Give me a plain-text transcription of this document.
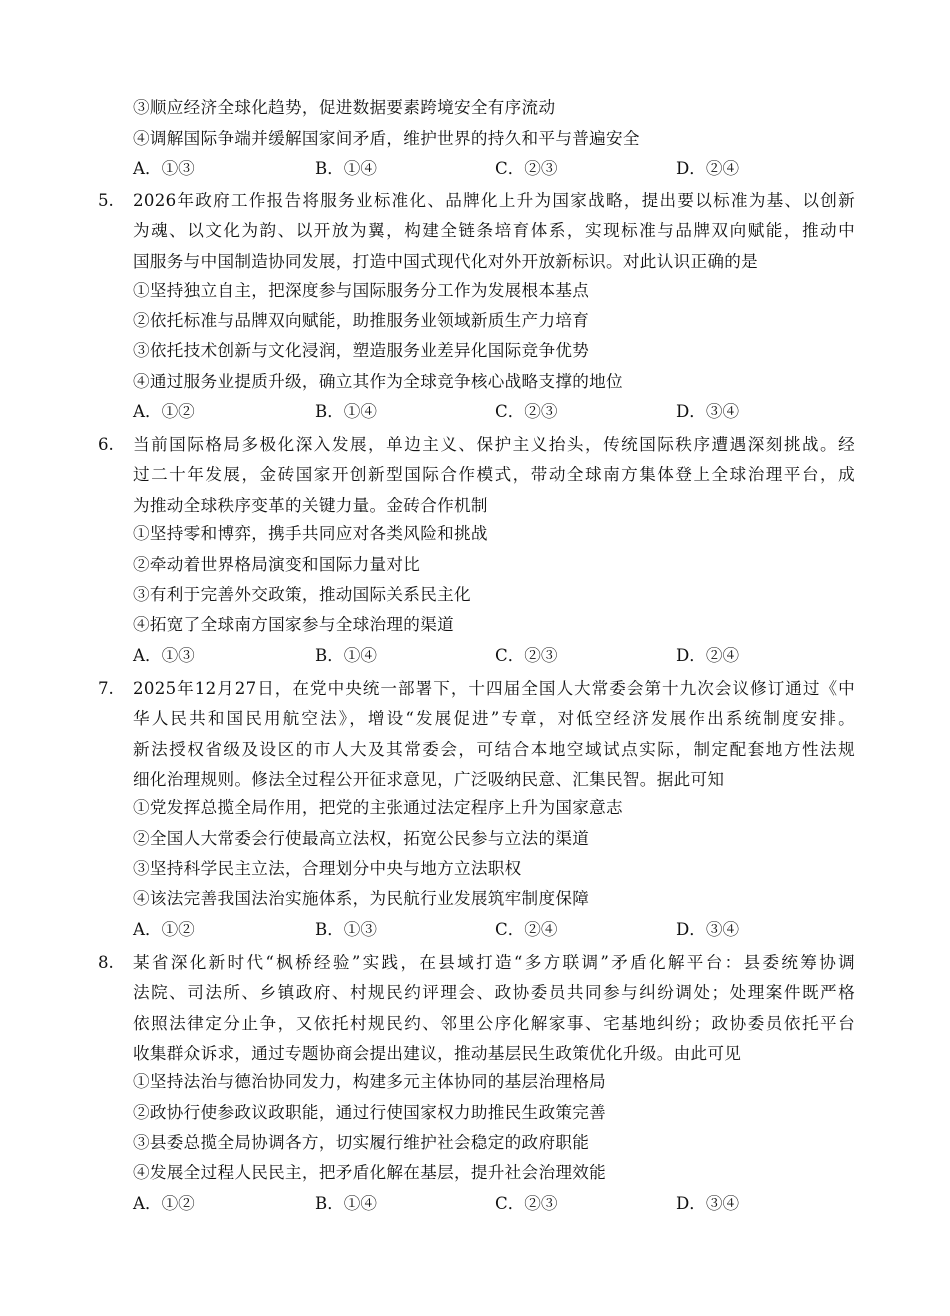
③顺应经济全球化趋势，促进数据要素跨境安全有序流动
④调解国际争端并缓解国家间矛盾，维护世界的持久和平与普遍安全
A．①③	B．①④	C．②③	D．②④
5. 2026年政府工作报告将服务业标准化、品牌化上升为国家战略，提出要以标准为基、以创新
为魂、以文化为韵、以开放为翼，构建全链条培育体系，实现标准与品牌双向赋能，推动中
国服务与中国制造协同发展，打造中国式现代化对外开放新标识。对此认识正确的是
①坚持独立自主，把深度参与国际服务分工作为发展根本基点
②依托标准与品牌双向赋能，助推服务业领域新质生产力培育
③依托技术创新与文化浸润，塑造服务业差异化国际竞争优势
④通过服务业提质升级，确立其作为全球竞争核心战略支撑的地位
A．①②	B．①④	C．②③	D．③④
6. 当前国际格局多极化深入发展，单边主义、保护主义抬头，传统国际秩序遭遇深刻挑战。经
过二十年发展，金砖国家开创新型国际合作模式，带动全球南方集体登上全球治理平台，成
为推动全球秩序变革的关键力量。金砖合作机制
①坚持零和博弈，携手共同应对各类风险和挑战
②牵动着世界格局演变和国际力量对比
③有利于完善外交政策，推动国际关系民主化
④拓宽了全球南方国家参与全球治理的渠道
A．①③	B．①④	C．②③	D．②④
7. 2025年12月27日，在党中央统一部署下，十四届全国人大常委会第十九次会议修订通过《中
华人民共和国民用航空法》，增设“发展促进”专章，对低空经济发展作出系统制度安排。
新法授权省级及设区的市人大及其常委会，可结合本地空域试点实际，制定配套地方性法规
细化治理规则。修法全过程公开征求意见，广泛吸纳民意、汇集民智。据此可知
①党发挥总揽全局作用，把党的主张通过法定程序上升为国家意志
②全国人大常委会行使最高立法权，拓宽公民参与立法的渠道
③坚持科学民主立法，合理划分中央与地方立法职权
④该法完善我国法治实施体系，为民航行业发展筑牢制度保障
A．①②	B．①③	C．②④	D．③④
8. 某省深化新时代“枫桥经验”实践，在县域打造“多方联调”矛盾化解平台：县委统筹协调
法院、司法所、乡镇政府、村规民约评理会、政协委员共同参与纠纷调处；处理案件既严格
依照法律定分止争，又依托村规民约、邻里公序化解家事、宅基地纠纷；政协委员依托平台
收集群众诉求，通过专题协商会提出建议，推动基层民生政策优化升级。由此可见
①坚持法治与德治协同发力，构建多元主体协同的基层治理格局
②政协行使参政议政职能，通过行使国家权力助推民生政策完善
③县委总揽全局协调各方，切实履行维护社会稳定的政府职能
④发展全过程人民民主，把矛盾化解在基层，提升社会治理效能
A．①②	B．①④	C．②③	D．③④
